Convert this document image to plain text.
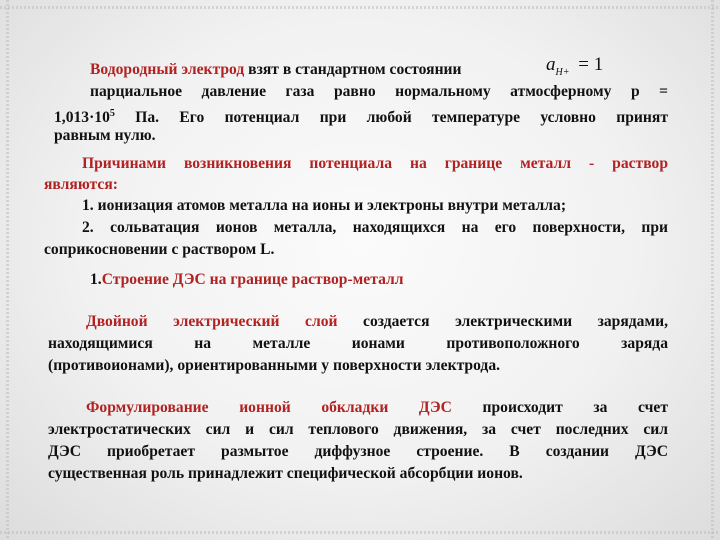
Водородный электрод взят в стандартном состоянии	$a_{H+} = 1$
парциальное давление газа равно нормальному атмосферному р =
$1,013\cdot 10^5$ Па. Его потенциал при любой температуре условно принят
равным нулю.
Причинами возникновения потенциала на границе металл - раствор
являются:
1. ионизация атомов металла на ионы и электроны внутри металла;
2. сольватация ионов металла, находящихся на его поверхности, при
соприкосновении с раствором L.
1.Строение ДЭС на границе раствор-металл
Двойной электрический слой создается электрическими зарядами,
находящимися на металле ионами противоположного заряда
(противоионами), ориентированными у поверхности электрода.
Формулирование ионной обкладки ДЭС происходит за счет
электростатических сил и сил теплового движения, за счет последних сил
ДЭС приобретает размытое диффузное строение. В создании ДЭС
существенная роль принадлежит специфической абсорбции ионов.
